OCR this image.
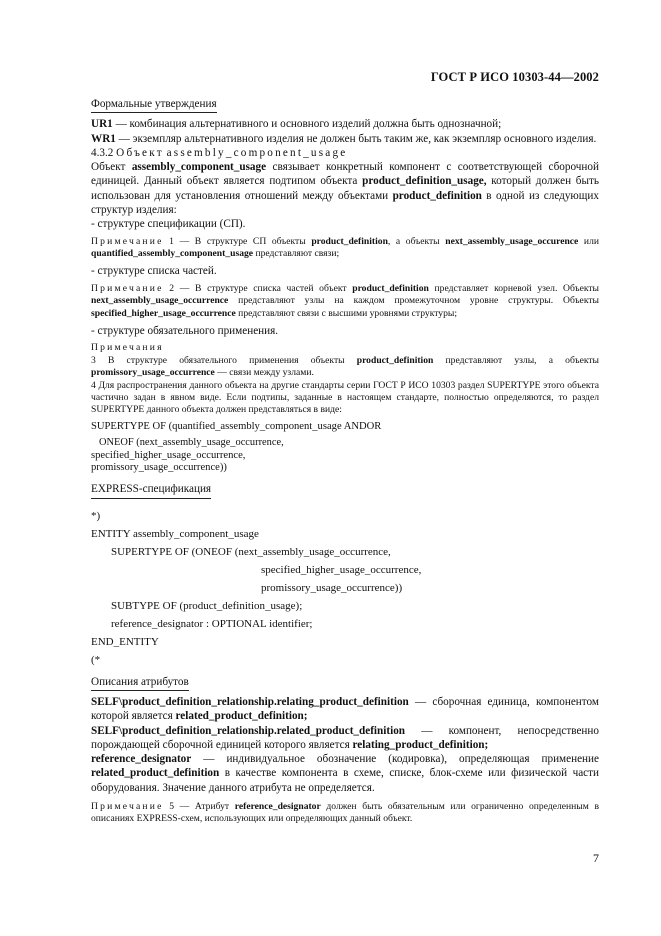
ГОСТ Р ИСО 10303-44—2002
Формальные утверждения

UR1 — комбинация альтернативного и основного изделий должна быть однозначной;

WR1 — экземпляр альтернативного изделия не должен быть таким же, как экземпляр основного изделия.

4.3.2 Объект assembly_component_usage

Объект assembly_component_usage связывает конкретный компонент с соответствующей сборочной единицей. Данный объект является подтипом объекта product_definition_usage, который должен быть использован для установления отношений между объектами product_definition в одной из следующих структур изделия:

- структуре спецификации (СП).

Примечание 1 — В структуре СП объекты product_definition, а объекты next_assembly_usage_occurence или quantified_assembly_component_usage представляют связи;

- структуре списка частей.

Примечание 2 — В структуре списка частей объект product_definition представляет корневой узел. Объекты next_assembly_usage_occurrence представляют узлы на каждом промежуточном уровне структуры. Объекты specified_higher_usage_occurrence представляют связи с высшими уровнями структуры;

- структуре обязательного применения.

Примечания

3 В структуре обязательного применения объекты product_definition представляют узлы, а объекты promissory_usage_occurrence — связи между узлами.

4 Для распространения данного объекта на другие стандарты серии ГОСТ Р ИСО 10303 раздел SUPERTYPE этого объекта частично задан в явном виде. Если подтипы, заданные в настоящем стандарте, полностью определяются, то раздел SUPERTYPE данного объекта должен представляться в виде:

SUPERTYPE OF (quantified_assembly_component_usage ANDOR

ONEOF (next_assembly_usage_occurrence,

specified_higher_usage_occurrence,

promissory_usage_occurrence))

EXPRESS-спецификация

*)

ENTITY assembly_component_usage

SUPERTYPE OF (ONEOF (next_assembly_usage_occurrence,

specified_higher_usage_occurrence,

promissory_usage_occurrence))

SUBTYPE OF (product_definition_usage);

reference_designator : OPTIONAL identifier;

END_ENTITY

(*

Описания атрибутов

SELF\product_definition_relationship.relating_product_definition — сборочная единица, компонентом которой является related_product_definition;

SELF\product_definition_relationship.related_product_definition — компонент, непосредственно порождающей сборочной единицей которого является relating_product_definition;

reference_designator — индивидуальное обозначение (кодировка), определяющая применение related_product_definition в качестве компонента в схеме, списке, блок-схеме или физической части оборудования. Значение данного атрибута не определяется.

Примечание 5 — Атрибут reference_designator должен быть обязательным или ограниченно определенным в описаниях EXPRESS-схем, использующих или определяющих данный объект.

7
